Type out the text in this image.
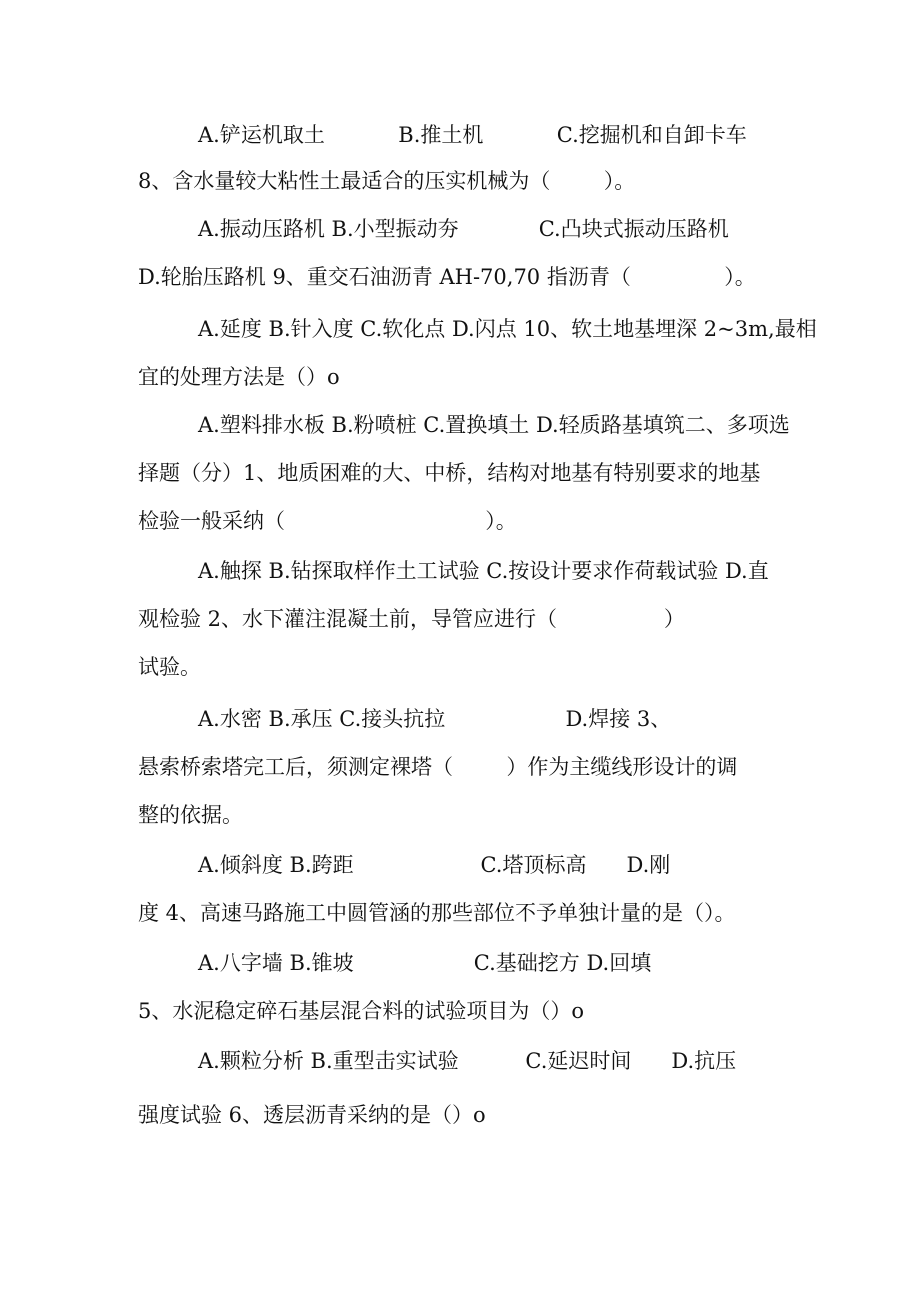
A.铲运机取土           B.推土机           C.挖掘机和自卸卡车
8、含水量较大粘性土最适合的压实机械为（        ）。
A.振动压路机 B.小型振动夯            C.凸块式振动压路机
D.轮胎压路机 9、重交石油沥青 AH-70,70 指沥青（              ）。
A.延度 B.针入度 C.软化点 D.闪点 10、软土地基埋深 2~3m,最相
宜的处理方法是（）o
A.塑料排水板 B.粉喷桩 C.置换填土 D.轻质路基填筑二、多项选
择题（分）1、地质困难的大、中桥，结构对地基有特别要求的地基
检验一般采纳（                              ）。
A.触探 B.钻探取样作土工试验 C.按设计要求作荷载试验 D.直
观检验 2、水下灌注混凝土前，导管应进行（                ）
试验。
A.水密 B.承压 C.接头抗拉                  D.焊接 3、
悬索桥索塔完工后，须测定裸塔（        ）作为主缆线形设计的调
整的依据。
A.倾斜度 B.跨距                   C.塔顶标高      D.刚
度 4、高速马路施工中圆管涵的那些部位不予单独计量的是（）。
A.八字墙 B.锥坡                  C.基础挖方 D.回填
5、水泥稳定碎石基层混合料的试验项目为（）o
A.颗粒分析 B.重型击实试验          C.延迟时间      D.抗压
强度试验 6、透层沥青采纳的是（）o
